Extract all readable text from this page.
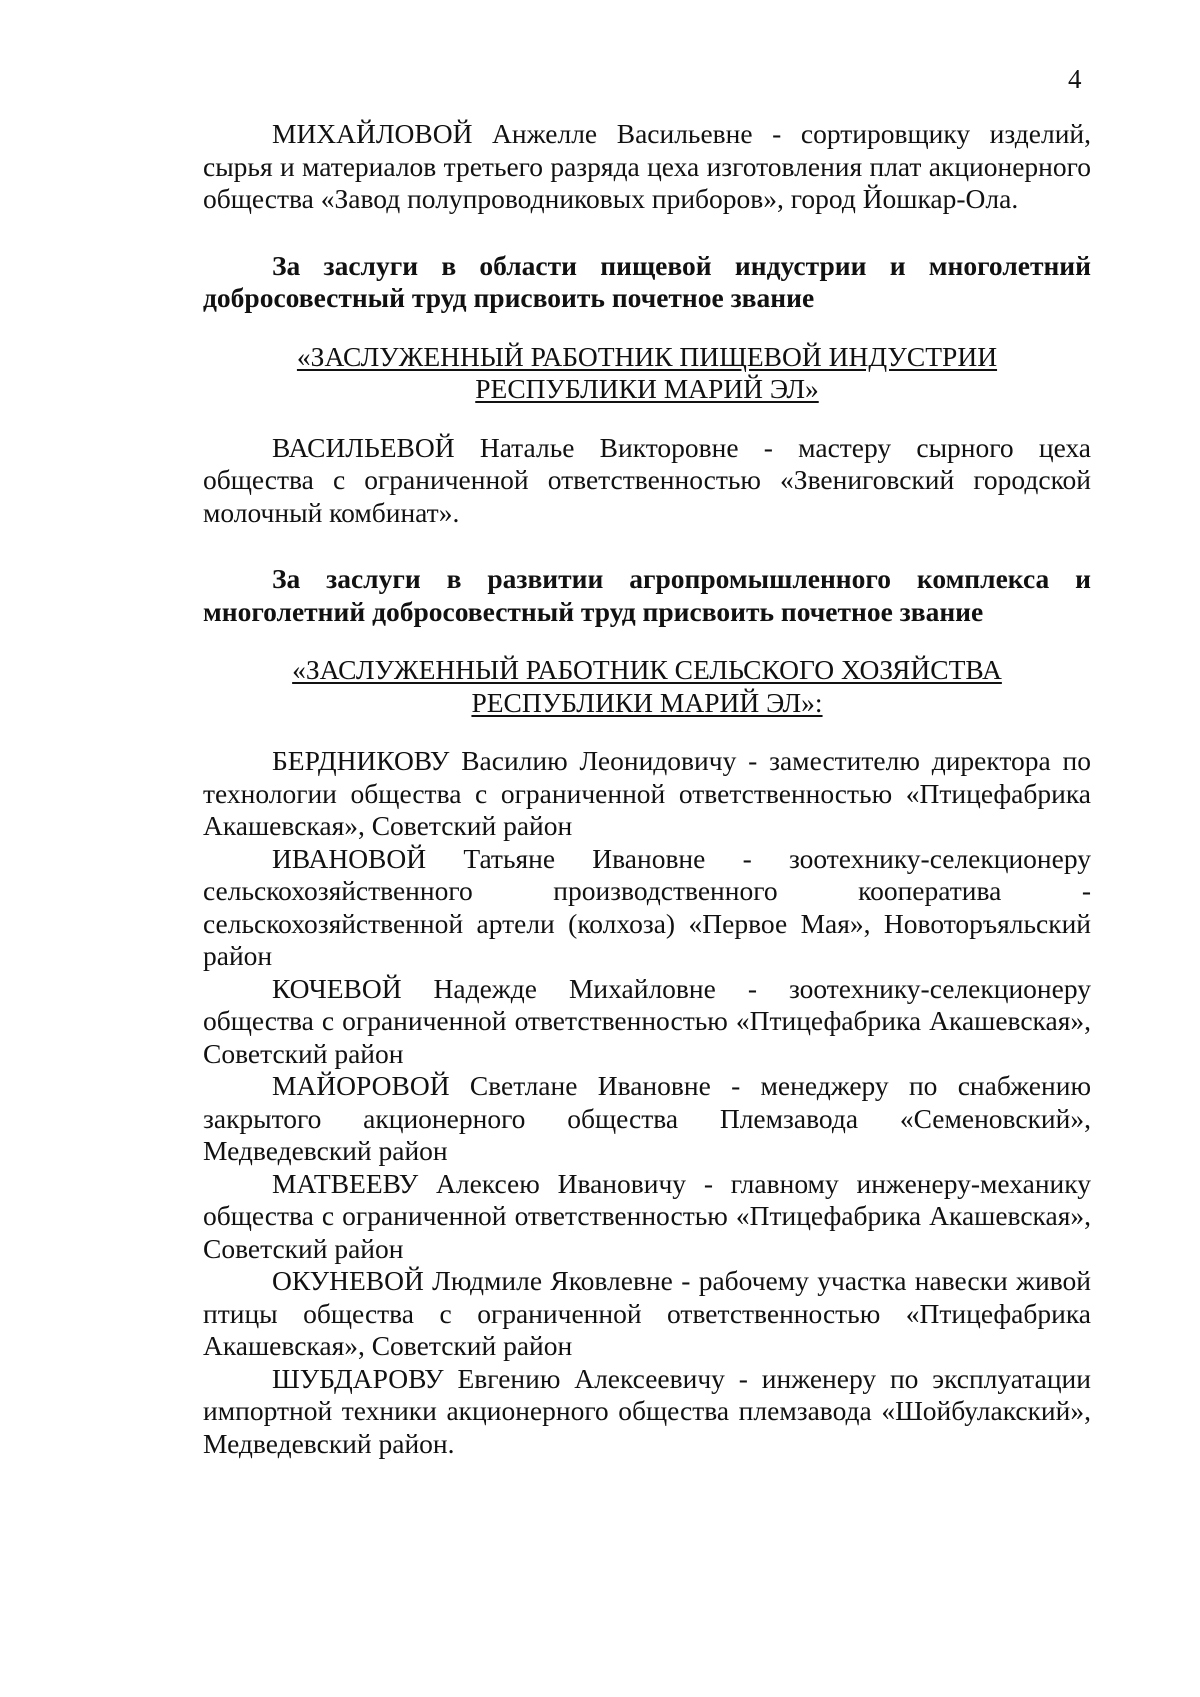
4

МИХАЙЛОВОЙ Анжелле Васильевне - сортировщику изделий, сырья и материалов третьего разряда цеха изготовления плат акционерного общества «Завод полупроводниковых приборов», город Йошкар-Ола.

За заслуги в области пищевой индустрии и многолетний добросовестный труд присвоить почетное звание

«ЗАСЛУЖЕННЫЙ РАБОТНИК ПИЩЕВОЙ ИНДУСТРИИ
РЕСПУБЛИКИ МАРИЙ ЭЛ»

ВАСИЛЬЕВОЙ Наталье Викторовне - мастеру сырного цеха общества с ограниченной ответственностью «Звениговский городской молочный комбинат».

За заслуги в развитии агропромышленного комплекса и многолетний добросовестный труд присвоить почетное звание

«ЗАСЛУЖЕННЫЙ РАБОТНИК СЕЛЬСКОГО ХОЗЯЙСТВА
РЕСПУБЛИКИ МАРИЙ ЭЛ»:

БЕРДНИКОВУ Василию Леонидовичу - заместителю директора по технологии общества с ограниченной ответственностью «Птицефабрика Акашевская», Советский район

ИВАНОВОЙ Татьяне Ивановне - зоотехнику-селекционеру сельскохозяйственного производственного кооператива - сельскохозяйственной артели (колхоза) «Первое Мая», Новоторъяльский район

КОЧЕВОЙ Надежде Михайловне - зоотехнику-селекционеру общества с ограниченной ответственностью «Птицефабрика Акашевская», Советский район

МАЙОРОВОЙ Светлане Ивановне - менеджеру по снабжению закрытого акционерного общества Племзавода «Семеновский», Медведевский район

МАТВЕЕВУ Алексею Ивановичу - главному инженеру-механику общества с ограниченной ответственностью «Птицефабрика Акашевская», Советский район

ОКУНЕВОЙ Людмиле Яковлевне - рабочему участка навески живой птицы общества с ограниченной ответственностью «Птицефабрика Акашевская», Советский район

ШУБДАРОВУ Евгению Алексеевичу - инженеру по эксплуатации импортной техники акционерного общества племзавода «Шойбулакский», Медведевский район.
